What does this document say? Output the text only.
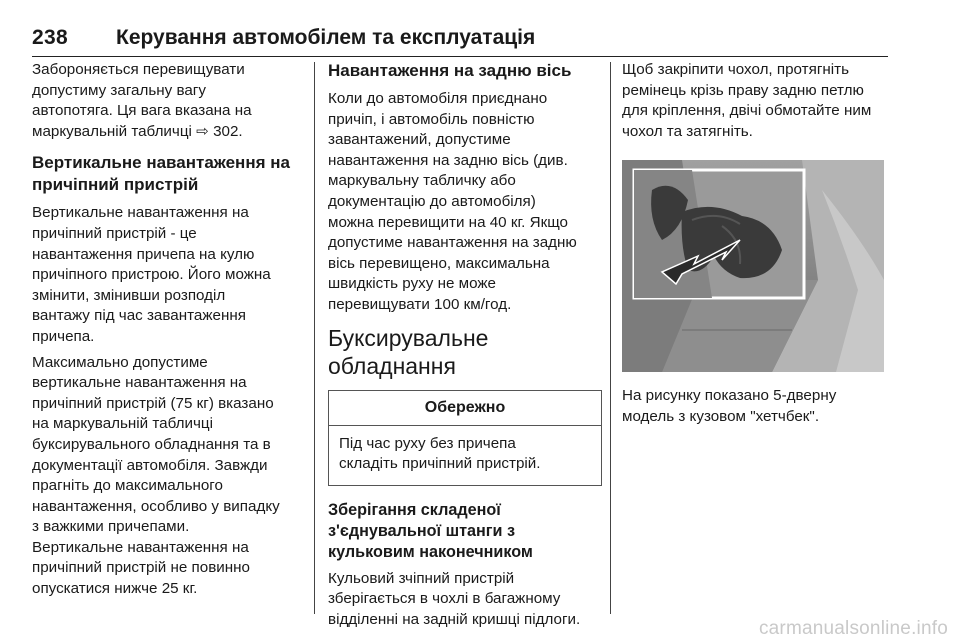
238 Керування автомобілем та експлуатація
Забороняється перевищувати
допустиму загальну вагу
автопотяга. Ця вага вказана на
маркувальній табличці ⇨ 302.
Вертикальне навантаження на
причіпний пристрій
Вертикальне навантаження на
причіпний пристрій - це
навантаження причепа на кулю
причіпного пристрою. Його можна
змінити, змінивши розподіл
вантажу під час завантаження
причепа.
Максимально допустиме
вертикальне навантаження на
причіпний пристрій (75 кг) вказано
на маркувальній табличці
буксирувального обладнання та в
документації автомобіля. Завжди
прагніть до максимального
навантаження, особливо у випадку
з важкими причепами.
Вертикальне навантаження на
причіпний пристрій не повинно
опускатися нижче 25 кг.
Навантаження на задню вісь
Коли до автомобіля приєднано
причіп, і автомобіль повністю
завантажений, допустиме
навантаження на задню вісь (див.
маркувальну табличку або
документацію до автомобіля)
можна перевищити на 40 кг. Якщо
допустиме навантаження на задню
вісь перевищено, максимальна
швидкість руху не може
перевищувати 100 км/год.
Буксирувальне
обладнання
Обережно
Під час руху без причепа
складіть причіпний пристрій.
Зберігання складеної
з'єднувальної штанги з
кульковим наконечником
Кульовий зчіпний пристрій
зберігається в чохлі в багажному
відділенні на задній кришці підлоги.
Щоб закріпити чохол, протягніть
ремінець крізь праву задню петлю
для кріплення, двічі обмотайте ним
чохол та затягніть.
На рисунку показано 5-дверну
модель з кузовом "хетчбек".
carmanualsonline.info
